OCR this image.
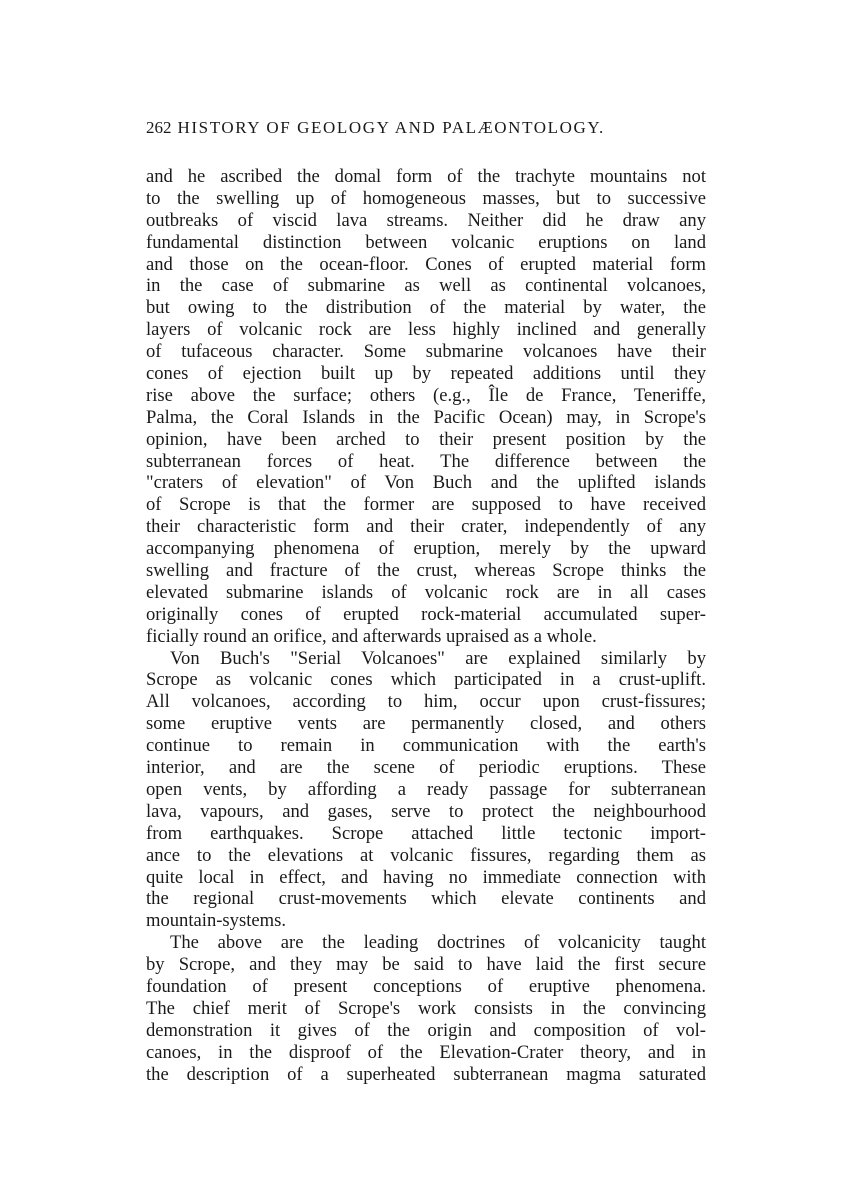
262 HISTORY OF GEOLOGY AND PALÆONTOLOGY.
and he ascribed the domal form of the trachyte mountains not
to the swelling up of homogeneous masses, but to successive
outbreaks of viscid lava streams. Neither did he draw any
fundamental distinction between volcanic eruptions on land
and those on the ocean-floor. Cones of erupted material form
in the case of submarine as well as continental volcanoes,
but owing to the distribution of the material by water, the
layers of volcanic rock are less highly inclined and generally
of tufaceous character. Some submarine volcanoes have their
cones of ejection built up by repeated additions until they
rise above the surface; others (e.g., Île de France, Teneriffe,
Palma, the Coral Islands in the Pacific Ocean) may, in Scrope's
opinion, have been arched to their present position by the
subterranean forces of heat. The difference between the
"craters of elevation" of Von Buch and the uplifted islands
of Scrope is that the former are supposed to have received
their characteristic form and their crater, independently of any
accompanying phenomena of eruption, merely by the upward
swelling and fracture of the crust, whereas Scrope thinks the
elevated submarine islands of volcanic rock are in all cases
originally cones of erupted rock-material accumulated super-
ficially round an orifice, and afterwards upraised as a whole.
Von Buch's "Serial Volcanoes" are explained similarly by
Scrope as volcanic cones which participated in a crust-uplift.
All volcanoes, according to him, occur upon crust-fissures;
some eruptive vents are permanently closed, and others
continue to remain in communication with the earth's
interior, and are the scene of periodic eruptions. These
open vents, by affording a ready passage for subterranean
lava, vapours, and gases, serve to protect the neighbourhood
from earthquakes. Scrope attached little tectonic import-
ance to the elevations at volcanic fissures, regarding them as
quite local in effect, and having no immediate connection with
the regional crust-movements which elevate continents and
mountain-systems.
The above are the leading doctrines of volcanicity taught
by Scrope, and they may be said to have laid the first secure
foundation of present conceptions of eruptive phenomena.
The chief merit of Scrope's work consists in the convincing
demonstration it gives of the origin and composition of vol-
canoes, in the disproof of the Elevation-Crater theory, and in
the description of a superheated subterranean magma saturated
